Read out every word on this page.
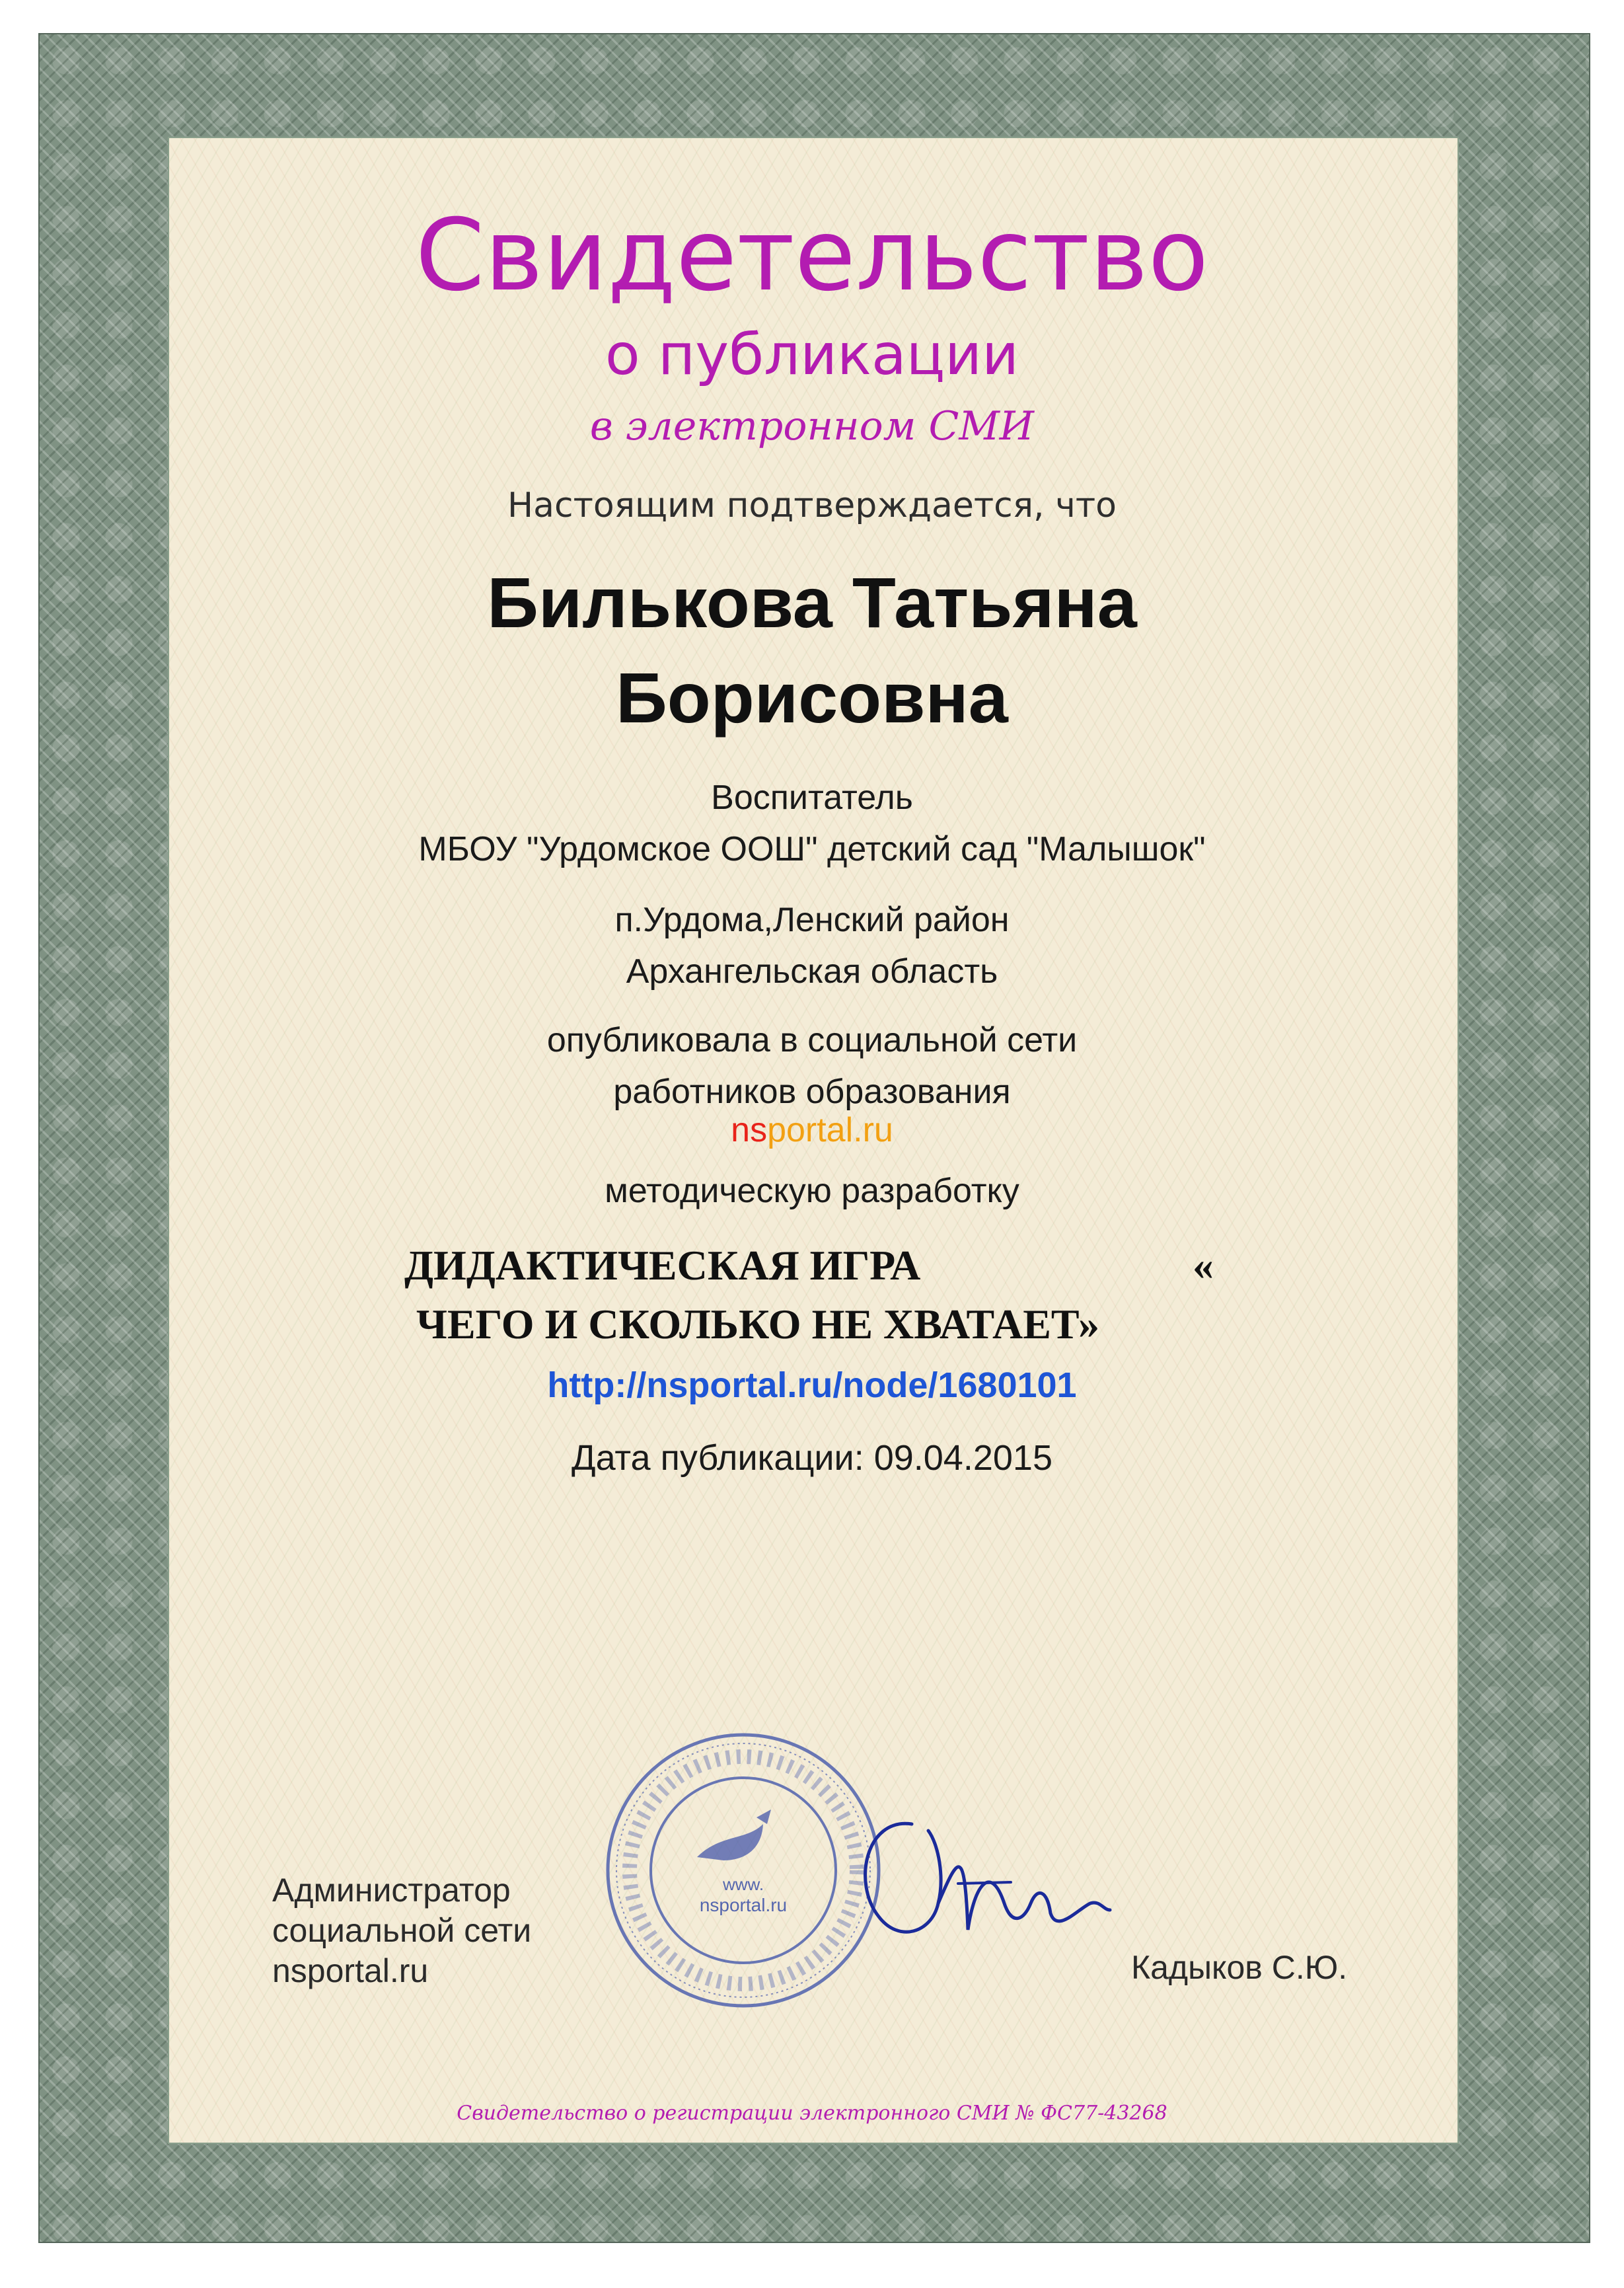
Свидетельство
о публикации
в электронном СМИ
Настоящим подтверждается, что
Билькова Татьяна
Борисовна
Воспитатель
МБОУ "Урдомское ООШ" детский сад "Малышок"
п.Урдома,Ленский район
Архангельская область
опубликовала в социальной сети
работников образования
nsportal.ru
методическую разработку
ДИДАКТИЧЕСКАЯ ИГРА	«
ЧЕГО И СКОЛЬКО НЕ ХВАТАЕТ»
http://nsportal.ru/node/1680101
Дата публикации: 09.04.2015
Администратор
социальной сети
nsportal.ru
www.
nsportal.ru
Кадыков С.Ю.
Свидетельство о регистрации электронного СМИ № ФС77-43268
